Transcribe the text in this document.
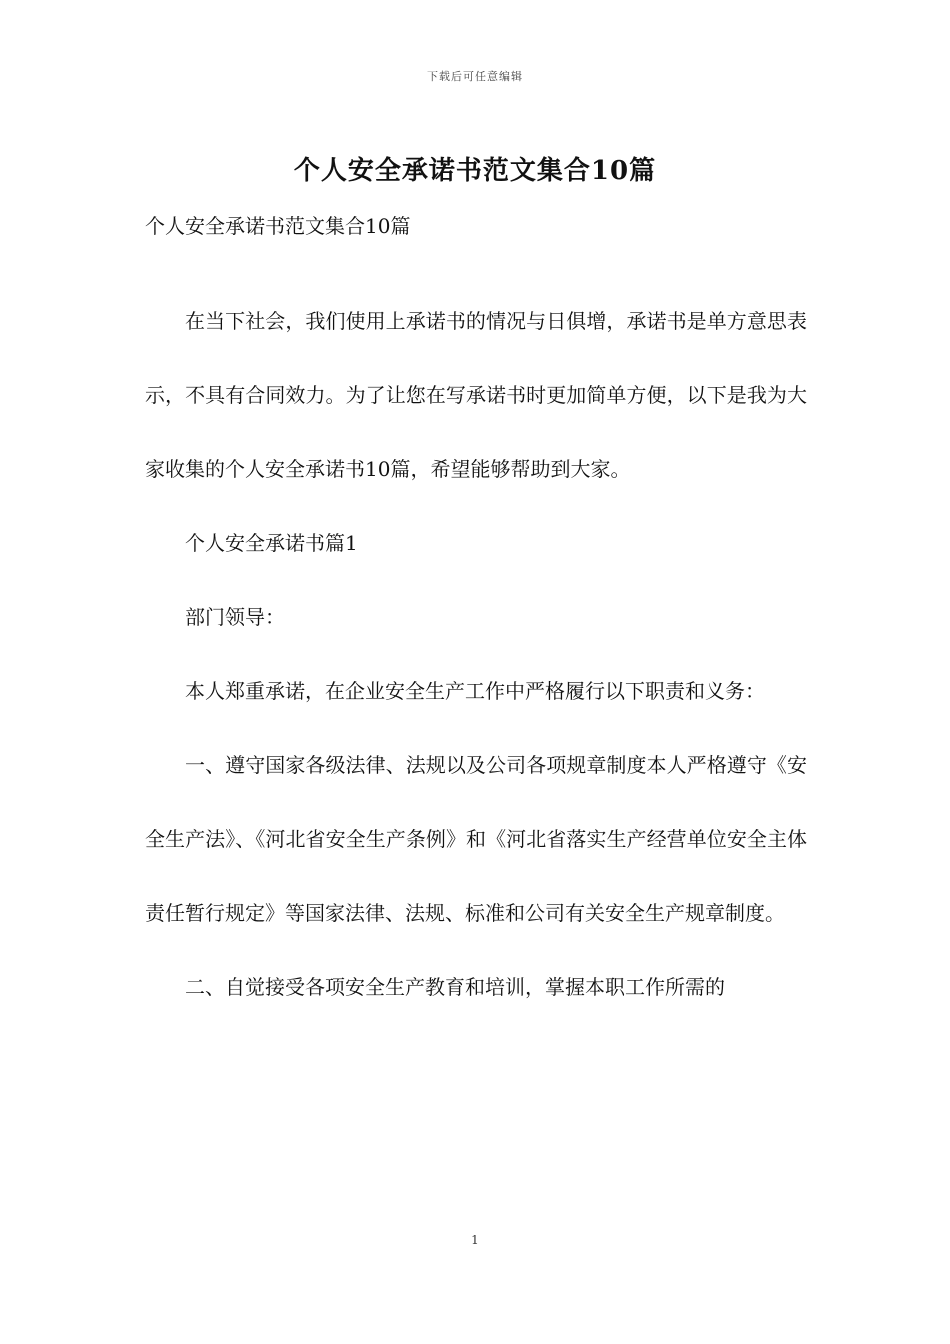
下载后可任意编辑
个人安全承诺书范文集合10篇

个人安全承诺书范文集合10篇

在当下社会，我们使用上承诺书的情况与日俱增，承诺书是单方意思表示，不具有合同效力。为了让您在写承诺书时更加简单方便，以下是我为大家收集的个人安全承诺书10篇，希望能够帮助到大家。

个人安全承诺书篇1

部门领导：

本人郑重承诺，在企业安全生产工作中严格履行以下职责和义务：

一、遵守国家各级法律、法规以及公司各项规章制度本人严格遵守《安全生产法》、《河北省安全生产条例》和《河北省落实生产经营单位安全主体责任暂行规定》等国家法律、法规、标准和公司有关安全生产规章制度。

二、自觉接受各项安全生产教育和培训，掌握本职工作所需的

1
